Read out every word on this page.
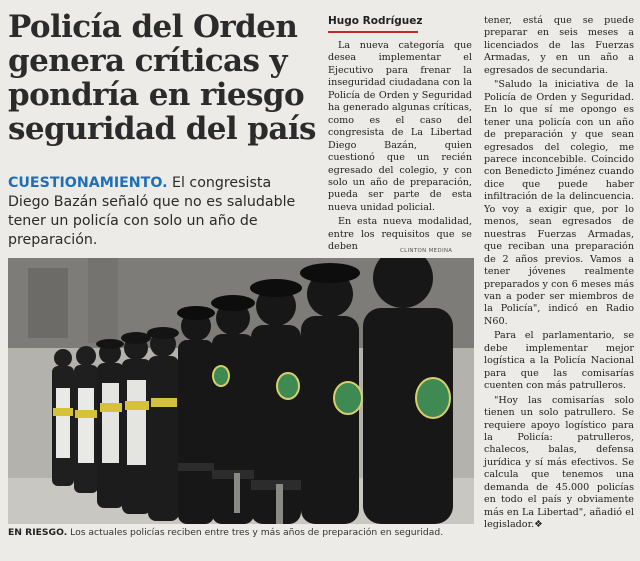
Policía del Orden genera críticas y pondría en riesgo seguridad del país
CUESTIONAMIENTO. El congresista Diego Bazán señaló que no es saludable tener un policía con solo un año de preparación.
Hugo Rodríguez

La nueva categoría que desea implementar el Ejecutivo para frenar la inseguridad ciudadana con la Policía de Orden y Seguridad ha generado algunas críticas, como es el caso del congresista de La Libertad Diego Bazán, quien cuestionó que un recién egresado del colegio, y con solo un año de preparación, pueda ser parte de esta nueva unidad policial.

En esta nueva modalidad, entre los requisitos que se deben	CLINTON MEDINA

tener, está que se puede preparar en seis meses a licenciados de las Fuerzas Armadas, y en un año a egresados de secundaria.

"Saludo la iniciativa de la Policía de Orden y Seguridad. En lo que sí me opongo es tener una policía con un año de preparación y que sean egresados del colegio, me parece inconcebible. Coincido con Benedicto Jiménez cuando dice que puede haber infiltración de la delincuencia. Yo voy a exigir que, por lo menos, sean egresados de nuestras Fuerzas Armadas, que reciban una preparación de 2 años previos. Vamos a tener jóvenes realmente preparados y con 6 meses más van a poder ser miembros de la Policía", indicó en Radio N60.

Para el parlamentario, se debe implementar mejor logística a la Policía Nacional para que las comisarías cuenten con más patrulleros.

"Hoy las comisarías solo tienen un solo patrullero. Se requiere apoyo logístico para la Policía: patrulleros, chalecos, balas, defensa jurídica y sí más efectivos. Se calcula que tenemos una demanda de 45.000 policías en todo el país y obviamente más en La Libertad", añadió el legislador.❖

EN RIESGO. Los actuales policías reciben entre tres y más años de preparación en seguridad.
